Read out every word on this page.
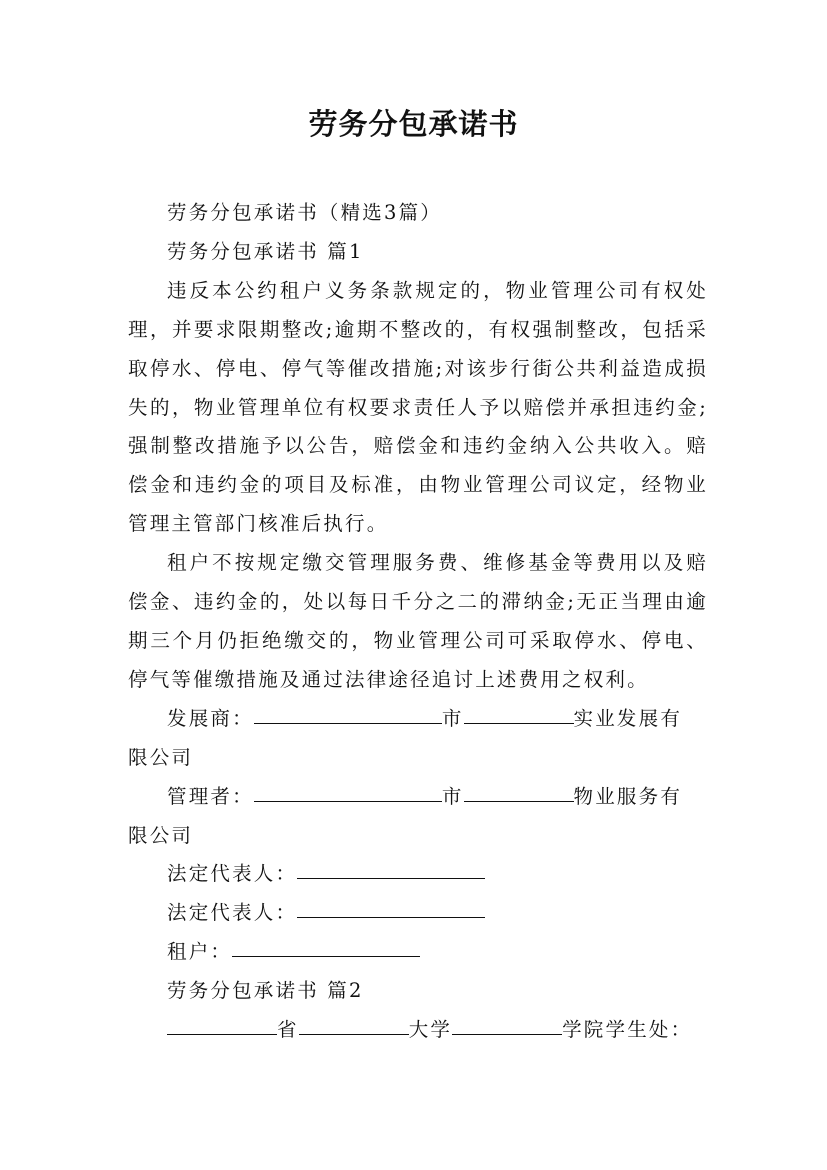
劳务分包承诺书

劳务分包承诺书（精选3篇）

劳务分包承诺书 篇1

违反本公约租户义务条款规定的，物业管理公司有权处理，并要求限期整改;逾期不整改的，有权强制整改，包括采取停水、停电、停气等催改措施;对该步行街公共利益造成损失的，物业管理单位有权要求责任人予以赔偿并承担违约金;强制整改措施予以公告，赔偿金和违约金纳入公共收入。赔偿金和违约金的项目及标准，由物业管理公司议定，经物业管理主管部门核准后执行。

租户不按规定缴交管理服务费、维修基金等费用以及赔偿金、违约金的，处以每日千分之二的滞纳金;无正当理由逾期三个月仍拒绝缴交的，物业管理公司可采取停水、停电、停气等催缴措施及通过法律途径追讨上述费用之权利。

发展商：	市	实业发展有

限公司

管理者：	市	物业服务有

限公司

法定代表人：

法定代表人：

租户：

劳务分包承诺书 篇2

省	大学	学院学生处：
